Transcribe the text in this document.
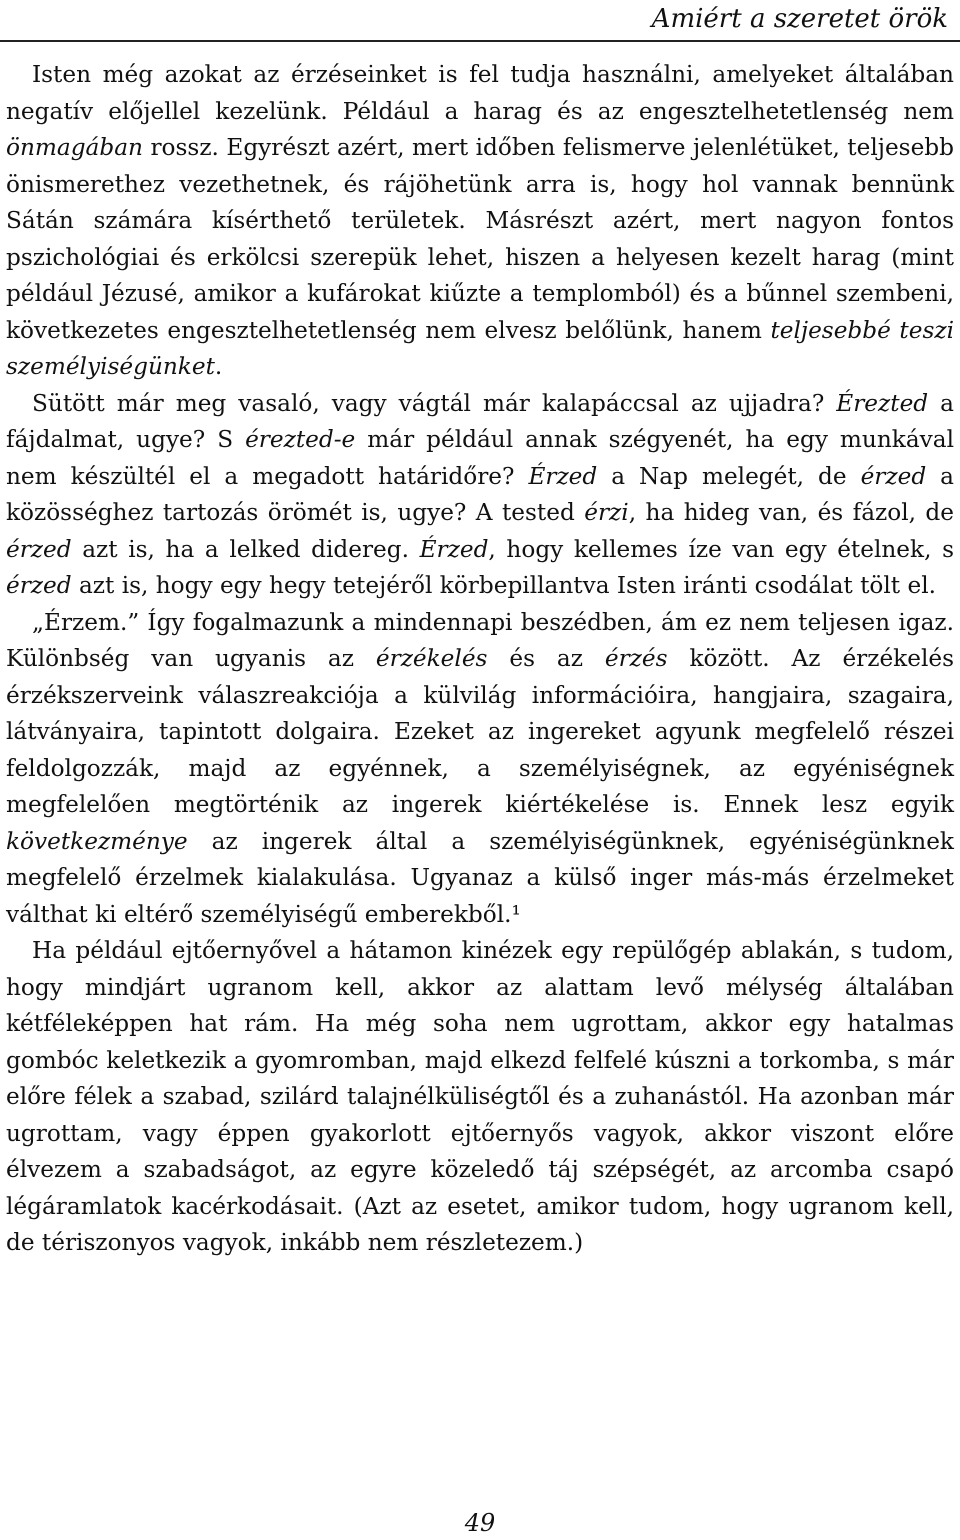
Amiért a szeretet örök

Isten még azokat az érzéseinket is fel tudja használni, amelyeket általában negatív előjellel kezelünk. Például a harag és az engesztelhetetlenség nem önmagában rossz. Egyrészt azért, mert időben felismerve jelenlétüket, teljesebb önismerethez vezethetnek, és rájöhetünk arra is, hogy hol vannak bennünk Sátán számára kísérthető területek. Másrészt azért, mert nagyon fontos pszichológiai és erkölcsi szerepük lehet, hiszen a helyesen kezelt harag (mint például Jézusé, amikor a kufárokat kiűzte a templomból) és a bűnnel szembeni, következetes engesztelhetetlenség nem elvesz belőlünk, hanem teljesebbé teszi személyiségünket.

Sütött már meg vasaló, vagy vágtál már kalapáccsal az ujjadra? Érezted a fájdalmat, ugye? S érezted-e már például annak szégyenét, ha egy munkával nem készültél el a megadott határidőre? Érzed a Nap melegét, de érzed a közösséghez tartozás örömét is, ugye? A tested érzi, ha hideg van, és fázol, de érzed azt is, ha a lelked didereg. Érzed, hogy kellemes íze van egy ételnek, s érzed azt is, hogy egy hegy tetejéről körbepillantva Isten iránti csodálat tölt el.

„Érzem.” Így fogalmazunk a mindennapi beszédben, ám ez nem teljesen igaz. Különbség van ugyanis az érzékelés és az érzés között. Az érzékelés érzékszerveink válaszreakciója a külvilág információira, hangjaira, szagaira, látványaira, tapintott dolgaira. Ezeket az ingereket agyunk megfelelő részei feldolgozzák, majd az egyénnek, a személyiségnek, az egyéniségnek megfelelően megtörténik az ingerek kiértékelése is. Ennek lesz egyik következménye az ingerek által a személyiségünknek, egyéniségünknek megfelelő érzelmek kialakulása. Ugyanaz a külső inger más-más érzelmeket válthat ki eltérő személyiségű emberekből.¹

Ha például ejtőernyővel a hátamon kinézek egy repülőgép ablakán, s tudom, hogy mindjárt ugranom kell, akkor az alattam levő mélység általában kétféleképpen hat rám. Ha még soha nem ugrottam, akkor egy hatalmas gombóc keletkezik a gyomromban, majd elkezd felfelé kúszni a torkomba, s már előre félek a szabad, szilárd talajnélküliségtől és a zuhanástól. Ha azonban már ugrottam, vagy éppen gyakorlott ejtőernyős vagyok, akkor viszont előre élvezem a szabadságot, az egyre közeledő táj szépségét, az arcomba csapó légáramlatok kacérkodásait. (Azt az esetet, amikor tudom, hogy ugranom kell, de tériszonyos vagyok, inkább nem részletezem.)

49
